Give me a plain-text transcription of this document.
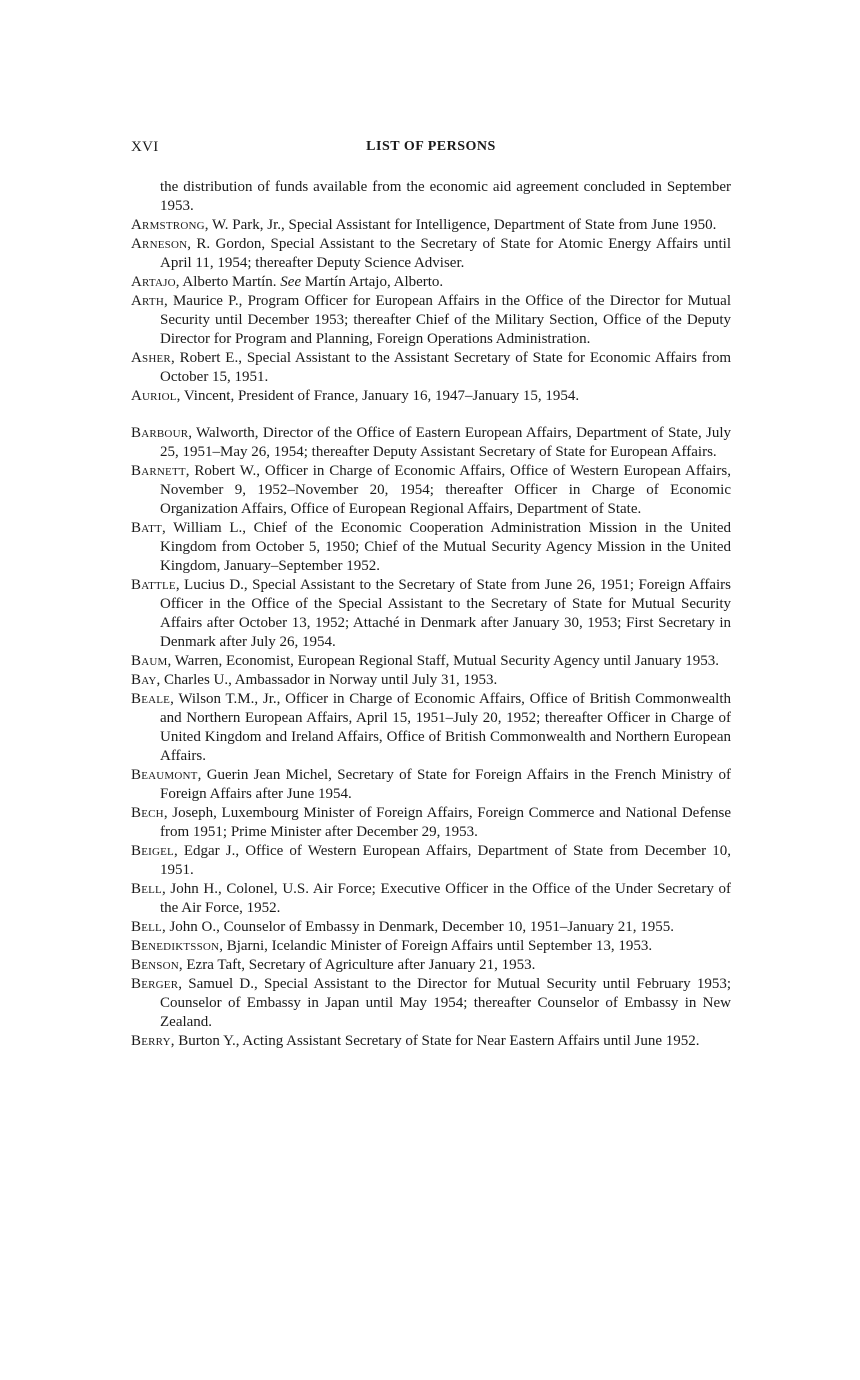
XVI	LIST OF PERSONS

the distribution of funds available from the economic aid agreement concluded in September 1953.

Armstrong, W. Park, Jr., Special Assistant for Intelligence, Department of State from June 1950.

Arneson, R. Gordon, Special Assistant to the Secretary of State for Atomic Energy Affairs until April 11, 1954; thereafter Deputy Science Adviser.

Artajo, Alberto Martín. See Martín Artajo, Alberto.

Arth, Maurice P., Program Officer for European Affairs in the Office of the Director for Mutual Security until December 1953; thereafter Chief of the Military Section, Office of the Deputy Director for Program and Planning, Foreign Operations Administration.

Asher, Robert E., Special Assistant to the Assistant Secretary of State for Economic Affairs from October 15, 1951.

Auriol, Vincent, President of France, January 16, 1947–January 15, 1954.

Barbour, Walworth, Director of the Office of Eastern European Affairs, Department of State, July 25, 1951–May 26, 1954; thereafter Deputy Assistant Secretary of State for European Affairs.

Barnett, Robert W., Officer in Charge of Economic Affairs, Office of Western European Affairs, November 9, 1952–November 20, 1954; thereafter Officer in Charge of Economic Organization Affairs, Office of European Regional Affairs, Department of State.

Batt, William L., Chief of the Economic Cooperation Administration Mission in the United Kingdom from October 5, 1950; Chief of the Mutual Security Agency Mission in the United Kingdom, January–September 1952.

Battle, Lucius D., Special Assistant to the Secretary of State from June 26, 1951; Foreign Affairs Officer in the Office of the Special Assistant to the Secretary of State for Mutual Security Affairs after October 13, 1952; Attaché in Denmark after January 30, 1953; First Secretary in Denmark after July 26, 1954.

Baum, Warren, Economist, European Regional Staff, Mutual Security Agency until January 1953.

Bay, Charles U., Ambassador in Norway until July 31, 1953.

Beale, Wilson T.M., Jr., Officer in Charge of Economic Affairs, Office of British Commonwealth and Northern European Affairs, April 15, 1951–July 20, 1952; thereafter Officer in Charge of United Kingdom and Ireland Affairs, Office of British Commonwealth and Northern European Affairs.

Beaumont, Guerin Jean Michel, Secretary of State for Foreign Affairs in the French Ministry of Foreign Affairs after June 1954.

Bech, Joseph, Luxembourg Minister of Foreign Affairs, Foreign Commerce and National Defense from 1951; Prime Minister after December 29, 1953.

Beigel, Edgar J., Office of Western European Affairs, Department of State from December 10, 1951.

Bell, John H., Colonel, U.S. Air Force; Executive Officer in the Office of the Under Secretary of the Air Force, 1952.

Bell, John O., Counselor of Embassy in Denmark, December 10, 1951–January 21, 1955.

Benediktsson, Bjarni, Icelandic Minister of Foreign Affairs until September 13, 1953.

Benson, Ezra Taft, Secretary of Agriculture after January 21, 1953.

Berger, Samuel D., Special Assistant to the Director for Mutual Security until February 1953; Counselor of Embassy in Japan until May 1954; thereafter Counselor of Embassy in New Zealand.

Berry, Burton Y., Acting Assistant Secretary of State for Near Eastern Affairs until June 1952.
